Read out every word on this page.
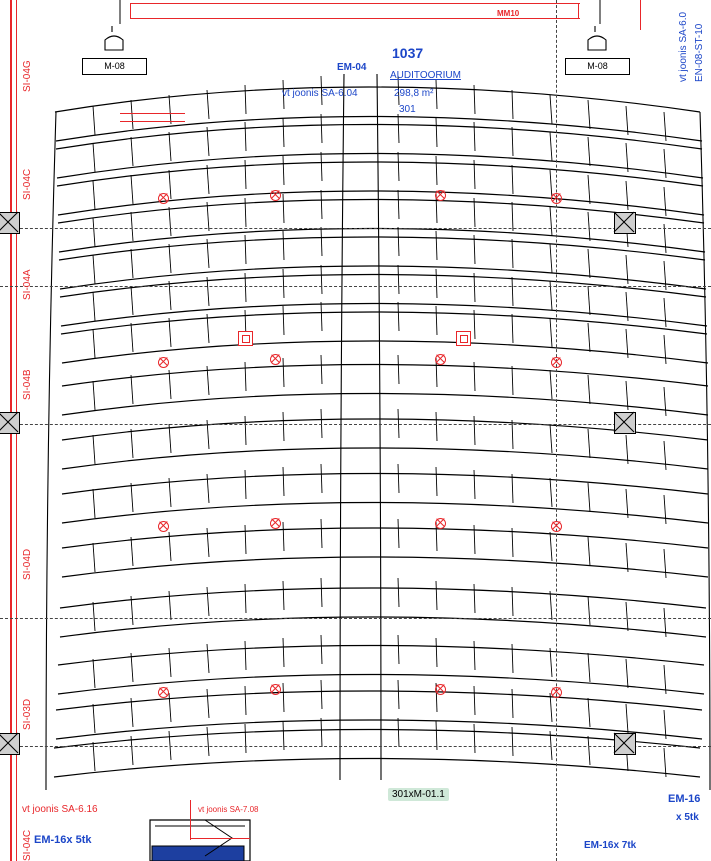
M-08	M-08
EM-04
1037
AUDITOORIUM
298,8 m²
301
vt joonis SA-6.04
MM10
SI-04G
SI-04C
SI-04A
SI-04B
SI-04D
SI-03D
SI-04C
vt joonis SA-6.0 EN-08-ST-10
301xM-01.1
vt joonis SA-6.16	vt joonis SA-7.08
EM-16x 5tk	EM-16x 7tk
EM-16
x 5tk
